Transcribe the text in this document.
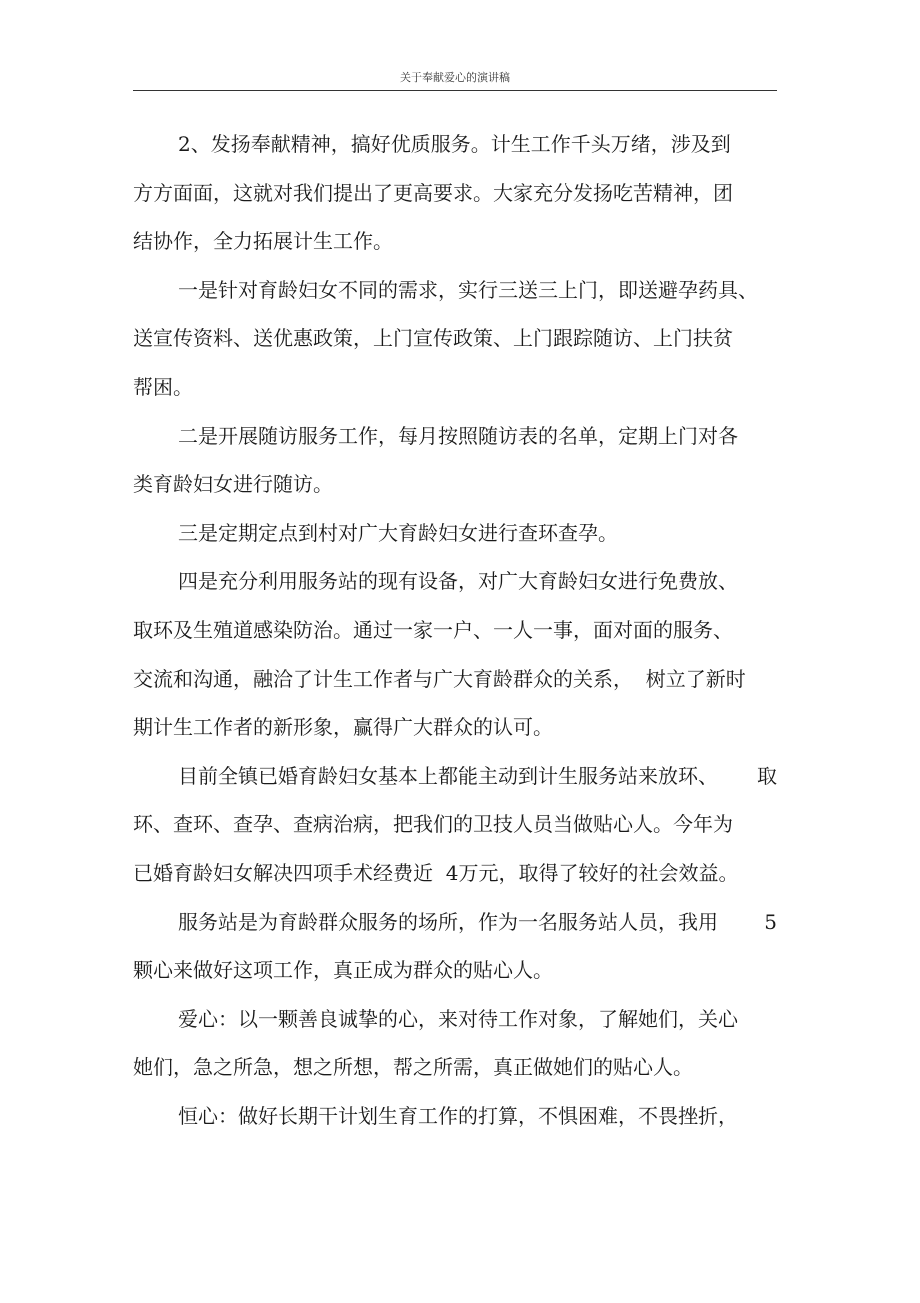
关于奉献爱心的演讲稿
2、发扬奉献精神，搞好优质服务。计生工作千头万绪，涉及到
方方面面，这就对我们提出了更高要求。大家充分发扬吃苦精神，团
结协作，全力拓展计生工作。
一是针对育龄妇女不同的需求，实行三送三上门，即送避孕药具、
送宣传资料、送优惠政策，上门宣传政策、上门跟踪随访、上门扶贫
帮困。
二是开展随访服务工作，每月按照随访表的名单，定期上门对各
类育龄妇女进行随访。
三是定期定点到村对广大育龄妇女进行查环查孕。
四是充分利用服务站的现有设备，对广大育龄妇女进行免费放、
取环及生殖道感染防治。通过一家一户、一人一事，面对面的服务、
交流和沟通，融洽了计生工作者与广大育龄群众的关系，  树立了新时
期计生工作者的新形象，赢得广大群众的认可。
目前全镇已婚育龄妇女基本上都能主动到计生服务站来放环、 取
环、查环、查孕、查病治病，把我们的卫技人员当做贴心人。今年为
已婚育龄妇女解决四项手术经费近  4万元，取得了较好的社会效益。
服务站是为育龄群众服务的场所，作为一名服务站人员，我用 5
颗心来做好这项工作，真正成为群众的贴心人。
爱心：以一颗善良诚挚的心，来对待工作对象，了解她们，关心
她们，急之所急，想之所想，帮之所需，真正做她们的贴心人。
恒心：做好长期干计划生育工作的打算，不惧困难，不畏挫折，
